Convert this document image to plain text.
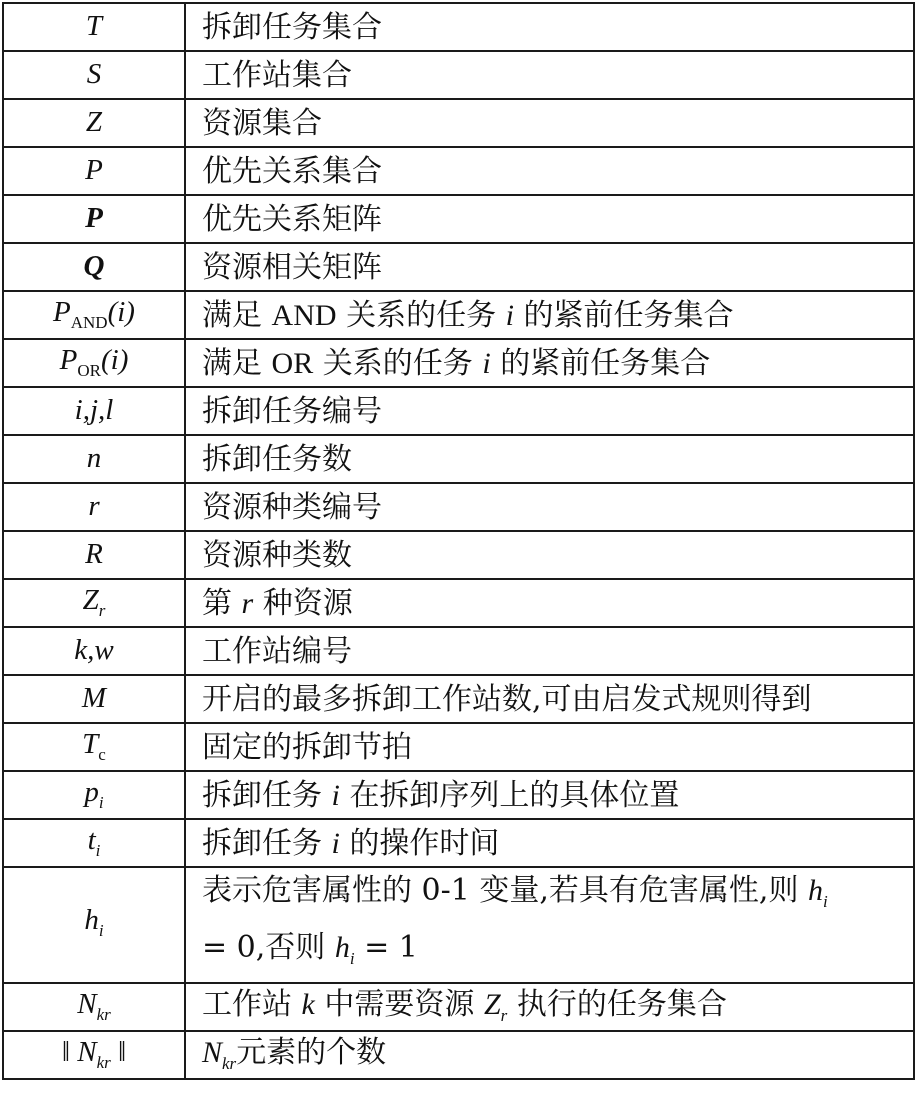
T	拆卸任务集合
S	工作站集合
Z	资源集合
P	优先关系集合
P	优先关系矩阵
Q	资源相关矩阵
$P_{AND}(i)$	满足 AND 关系的任务 i 的紧前任务集合
$P_{OR}(i)$	满足 OR 关系的任务 i 的紧前任务集合
i,j,l	拆卸任务编号
n	拆卸任务数
r	资源种类编号
R	资源种类数
$Z_r$	第 r 种资源
k,w	工作站编号
M	开启的最多拆卸工作站数,可由启发式规则得到
$T_c$	固定的拆卸节拍
$p_i$	拆卸任务 i 在拆卸序列上的具体位置
$t_i$	拆卸任务 i 的操作时间
$h_i$	表示危害属性的 0-1 变量,若具有危害属性,则 $h_i$
= 0,否则 $h_i = 1$

$N_{kr}$	工作站 k 中需要资源 $Z_r$ 执行的任务集合
‖ $N_{kr}$ ‖	$N_{kr}$元素的个数
